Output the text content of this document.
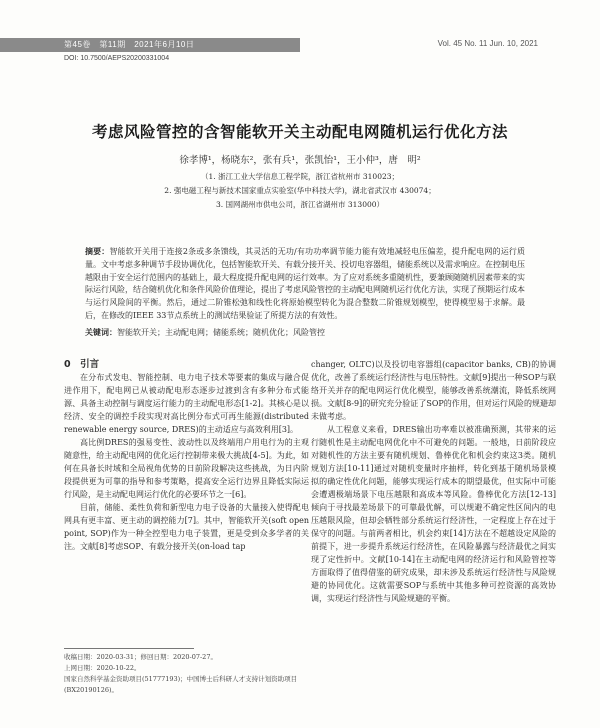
第45卷　第11期　2021年6月10日	Vol. 45 No. 11 Jun. 10, 2021
DOI: 10.7500/AEPS20200331004
考虑风险管控的含智能软开关主动配电网随机运行优化方法
徐孝博¹，杨晓东²，张有兵¹，张凯怡¹，王小仲³，唐　明²
（1. 浙江工业大学信息工程学院，浙江省杭州市 310023；
2. 强电磁工程与新技术国家重点实验室(华中科技大学)，湖北省武汉市 430074；
3. 国网湖州市供电公司，浙江省湖州市 313000）
摘要：智能软开关用于连接2条或多条馈线，其灵活的无功/有功功率调节能力能有效地减轻电压偏差，提升配电网的运行质量。文中考虑多种调节手段协调优化，包括智能软开关、有载分接开关、投切电容器组，储能系统以及需求响应。在控制电压越限由于安全运行范围内的基础上，最大程度提升配电网的运行效率。为了应对系统多重随机性，要兼顾随随机因素带来的实际运行风险，结合随机优化和条件风险价值理论，提出了考虑风险管控的主动配电网随机运行优化方法，实现了预期运行成本与运行风险间的平衡。然后，通过二阶锥松弛和线性化将原始模型转化为混合整数二阶锥规划模型，使得模型易于求解。最后，在修改的IEEE 33节点系统上的测试结果验证了所提方法的有效性。
关键词：智能软开关；主动配电网；储能系统；随机优化；风险管控

0　引言

在分布式发电、智能控制、电力电子技术等要素的集成与融合促进作用下，配电网已从被动配电形态逐步过渡到含有多种分布式能源、具备主动控制与调度运行能力的主动配电形态[1-2]。其核心是以经济、安全的调控手段实现对高比例分布式可再生能源(distributed renewable energy source, DRES)的主动适应与高效利用[3]。

高比例DRES的强易变性、波动性以及终端用户用电行为的主观随意性，给主动配电网的优化运行控制带来极大挑战[4-5]。为此，如何在具备长时域和全局视角优势的日前阶段解决这些挑战，为日内阶段提供更为可靠的指导和参考策略，提高安全运行边界且降低实际运行风险，是主动配电网运行优化的必要环节之一[6]。

目前，储能、柔性负荷和新型电力电子设备的大量接入使得配电网具有更丰富、更主动的调控能力[7]。其中，智能软开关(soft open point, SOP)作为一种全控型电力电子装置，更是受到众多学者的关注。文献[8]考虑SOP、有载分接开关(on-load tap

changer, OLTC)以及投切电容器组(capacitor banks, CB)的协调优化，改善了系统运行经济性与电压特性。文献[9]提出一种SOP与联络开关并存的配电网运行优化模型，能够改善系统潮流，降低系统网损。文献[8-9]的研究充分验证了SOP的作用，但对运行风险的规避却未做考虑。

从工程意义来看，DRES输出功率难以被准确预测，其带来的运行随机性是主动配电网优化中不可避免的问题。一般地，日前阶段应对随机性的方法主要有随机规划、鲁棒优化和机会约束这3类。随机规划方法[10-11]通过对随机变量时序抽样，转化到基于随机场景模拟的确定性优化问题，能够实现运行成本的期望最优，但实际中可能会遭遇极端场景下电压越限和高成本等风险。鲁棒优化方法[12-13]倾向于寻找最差场景下的可靠最优解，可以规避不确定性区间内的电压越限风险，但却会牺牲部分系统运行经济性，一定程度上存在过于保守的问题。与前两者相比，机会约束[14]方法在不超越设定风险的前提下，进一步提升系统运行经济性，在风险暴露与经济最优之间实现了定性折中。文献[10-14]在主动配电网的经济运行和风险管控等方面取得了值得借鉴的研究成果，却未涉及系统运行经济性与风险规避的协同优化。这就需要SOP与系统中其他多种可控资源的高效协调，实现运行经济性与风险规避的平衡。

收稿日期：2020-03-31；修回日期：2020-07-27。
上网日期：2020-10-22。
国家自然科学基金资助项目(51777193)；中国博士后科研人才支持计划资助项目(BX20190126)。
